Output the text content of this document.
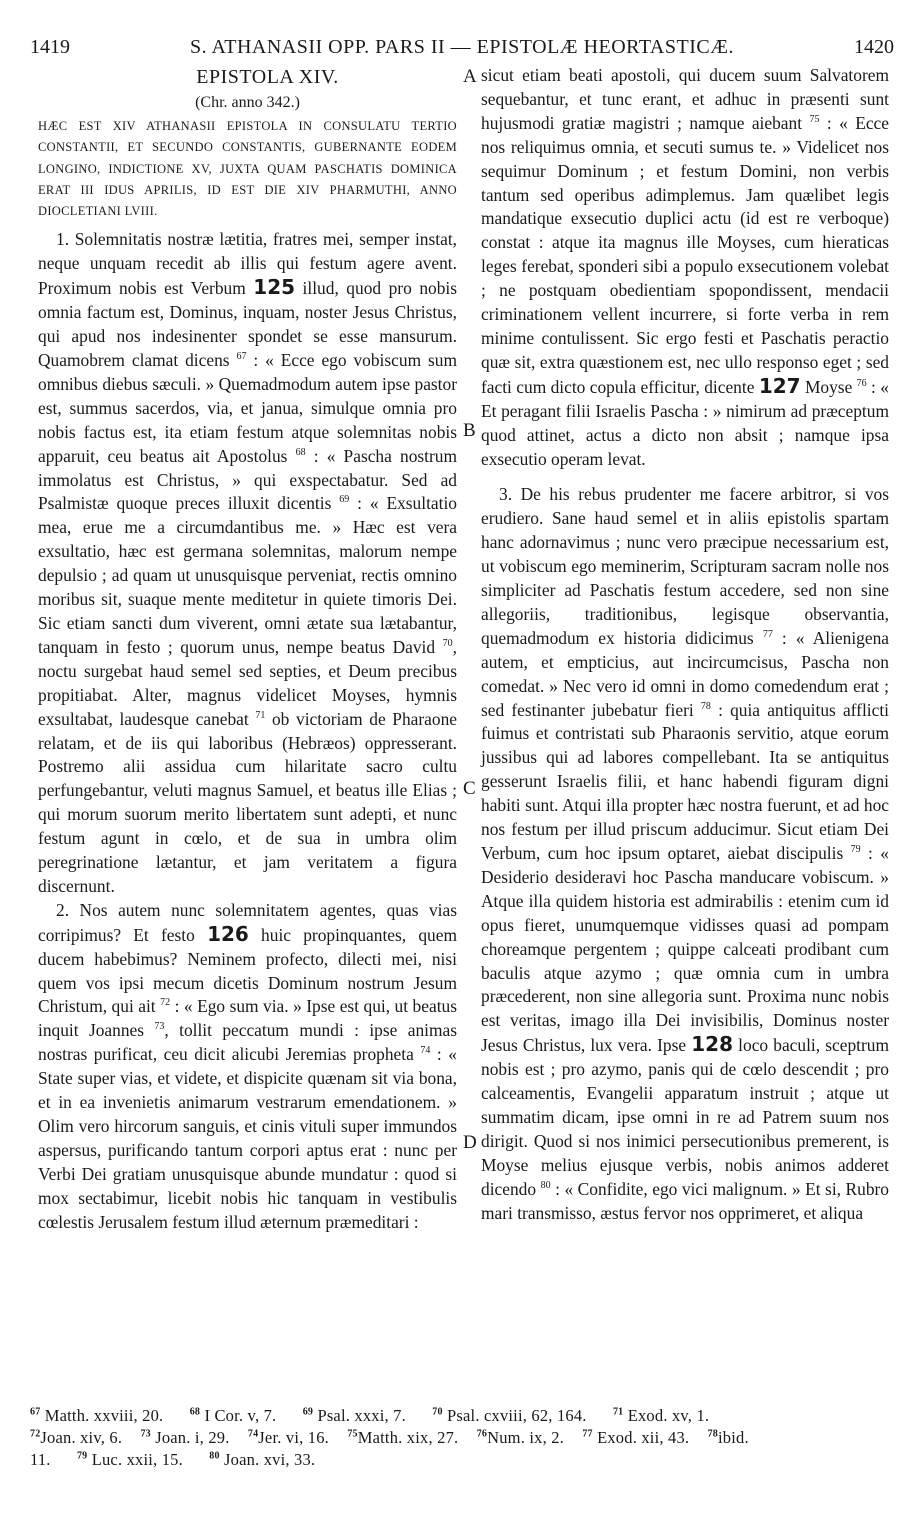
1419	S. ATHANASII OPP. PARS II — EPISTOLÆ HEORTASTICÆ.	1420
EPISTOLA XIV.
(Chr. anno 342.)
HÆC EST XIV ATHANASII EPISTOLA IN CONSULATU TERTIO CONSTANTII, ET SECUNDO CONSTANTIS, GUBERNANTE EODEM LONGINO, INDICTIONE XV, JUXTA QUAM PASCHATIS DOMINICA ERAT III IDUS APRILIS, ID EST DIE XIV PHARMUTHI, ANNO DIOCLETIANI LVIII.

1. Solemnitatis nostræ lætitia, fratres mei, semper instat, neque unquam recedit ab illis qui festum agere avent. Proximum nobis est Verbum 125 illud, quod pro nobis omnia factum est, Dominus, inquam, noster Jesus Christus, qui apud nos indesinenter spondet se esse mansurum. Quamobrem clamat dicens $^{67}$ : « Ecce ego vobiscum sum omnibus diebus sæculi. » Quemadmodum autem ipse pastor est, summus sacerdos, via, et janua, simulque omnia pro nobis factus est, ita etiam festum atque solemnitas nobis apparuit, ceu beatus ait Apostolus $^{68}$ : « Pascha nostrum immolatus est Christus, » qui exspectabatur. Sed ad Psalmistæ quoque preces illuxit dicentis $^{69}$ : « Exsultatio mea, erue me a circumdantibus me. » Hæc est vera exsultatio, hæc est germana solemnitas, malorum nempe depulsio ; ad quam ut unusquisque perveniat, rectis omnino moribus sit, suaque mente meditetur in quiete timoris Dei. Sic etiam sancti dum viverent, omni ætate sua lætabantur, tanquam in festo ; quorum unus, nempe beatus David $^{70}$, noctu surgebat haud semel sed septies, et Deum precibus propitiabat. Alter, magnus videlicet Moyses, hymnis exsultabat, laudesque canebat $^{71}$ ob victoriam de Pharaone relatam, et de iis qui laboribus (Hebræos) oppresserant. Postremo alii assidua cum hilaritate sacro cultu perfungebantur, veluti magnus Samuel, et beatus ille Elias ; qui morum suorum merito libertatem sunt adepti, et nunc festum agunt in cœlo, et de sua in umbra olim peregrinatione lætantur, et jam veritatem a figura discernunt.

2. Nos autem nunc solemnitatem agentes, quas vias corripimus? Et festo 126 huic propinquantes, quem ducem habebimus? Neminem profecto, dilecti mei, nisi quem vos ipsi mecum dicetis Dominum nostrum Jesum Christum, qui ait $^{72}$ : « Ego sum via. » Ipse est qui, ut beatus inquit Joannes $^{73}$, tollit peccatum mundi : ipse animas nostras purificat, ceu dicit alicubi Jeremias propheta $^{74}$ : « State super vias, et videte, et dispicite quænam sit via bona, et in ea invenietis animarum vestrarum emendationem. » Olim vero hircorum sanguis, et cinis vituli super immundos aspersus, purificando tantum corpori aptus erat : nunc per Verbi Dei gratiam unusquisque abunde mundatur : quod si mox sectabimur, licebit nobis hic tanquam in vestibulis cœlestis Jerusalem festum illud æternum præmeditari :

A
B
C
D

sicut etiam beati apostoli, qui ducem suum Salvatorem sequebantur, et tunc erant, et adhuc in præsenti sunt hujusmodi gratiæ magistri ; namque aiebant $^{75}$ : « Ecce nos reliquimus omnia, et secuti sumus te. » Videlicet nos sequimur Dominum ; et festum Domini, non verbis tantum sed operibus adimplemus. Jam quælibet legis mandatique exsecutio duplici actu (id est re verboque) constat : atque ita magnus ille Moyses, cum hieraticas leges ferebat, sponderi sibi a populo exsecutionem volebat ; ne postquam obedientiam spopondissent, mendacii criminationem vellent incurrere, si forte verba in rem minime contulissent. Sic ergo festi et Paschatis peractio quæ sit, extra quæstionem est, nec ullo responso eget ; sed facti cum dicto copula efficitur, dicente 127 Moyse $^{76}$ : « Et peragant filii Israelis Pascha : » nimirum ad præceptum quod attinet, actus a dicto non absit ; namque ipsa exsecutio operam levat.

3. De his rebus prudenter me facere arbitror, si vos erudiero. Sane haud semel et in aliis epistolis spartam hanc adornavimus ; nunc vero præcipue necessarium est, ut vobiscum ego meminerim, Scripturam sacram nolle nos simpliciter ad Paschatis festum accedere, sed non sine allegoriis, traditionibus, legisque observantia, quemadmodum ex historia didicimus $^{77}$ : « Alienigena autem, et empticius, aut incircumcisus, Pascha non comedat. » Nec vero id omni in domo comedendum erat ; sed festinanter jubebatur fieri $^{78}$ : quia antiquitus afflicti fuimus et contristati sub Pharaonis servitio, atque eorum jussibus qui ad labores compellebant. Ita se antiquitus gesserunt Israelis filii, et hanc habendi figuram digni habiti sunt. Atqui illa propter hæc nostra fuerunt, et ad hoc nos festum per illud priscum adducimur. Sicut etiam Dei Verbum, cum hoc ipsum optaret, aiebat discipulis $^{79}$ : « Desiderio desideravi hoc Pascha manducare vobiscum. » Atque illa quidem historia est admirabilis : etenim cum id opus fieret, unumquemque vidisses quasi ad pompam choreamque pergentem ; quippe calceati prodibant cum baculis atque azymo ; quæ omnia cum in umbra præcederent, non sine allegoria sunt. Proxima nunc nobis est veritas, imago illa Dei invisibilis, Dominus noster Jesus Christus, lux vera. Ipse 128 loco baculi, sceptrum nobis est ; pro azymo, panis qui de cœlo descendit ; pro calceamentis, Evangelii apparatum instruit ; atque ut summatim dicam, ipse omni in re ad Patrem suum nos dirigit. Quod si nos inimici persecutionibus premerent, is Moyse melius ejusque verbis, nobis animos adderet dicendo $^{80}$ : « Confidite, ego vici malignum. » Et si, Rubro mari transmisso, æstus fervor nos opprimeret, et aliqua

$^{67}$ Matth. xxviii, 20.	$^{68}$ I Cor. v, 7.	$^{69}$ Psal. xxxi, 7.	$^{70}$ Psal. cxviii, 62, 164.	$^{71}$ Exod. xv, 1.
$^{72}$Joan. xiv, 6. $^{73}$ Joan. i, 29. $^{74}$Jer. vi, 16. $^{75}$Matth. xix, 27. $^{76}$Num. ix, 2. $^{77}$ Exod. xii, 43. $^{78}$ibid.
11.	$^{79}$ Luc. xxii, 15.	$^{80}$ Joan. xvi, 33.
